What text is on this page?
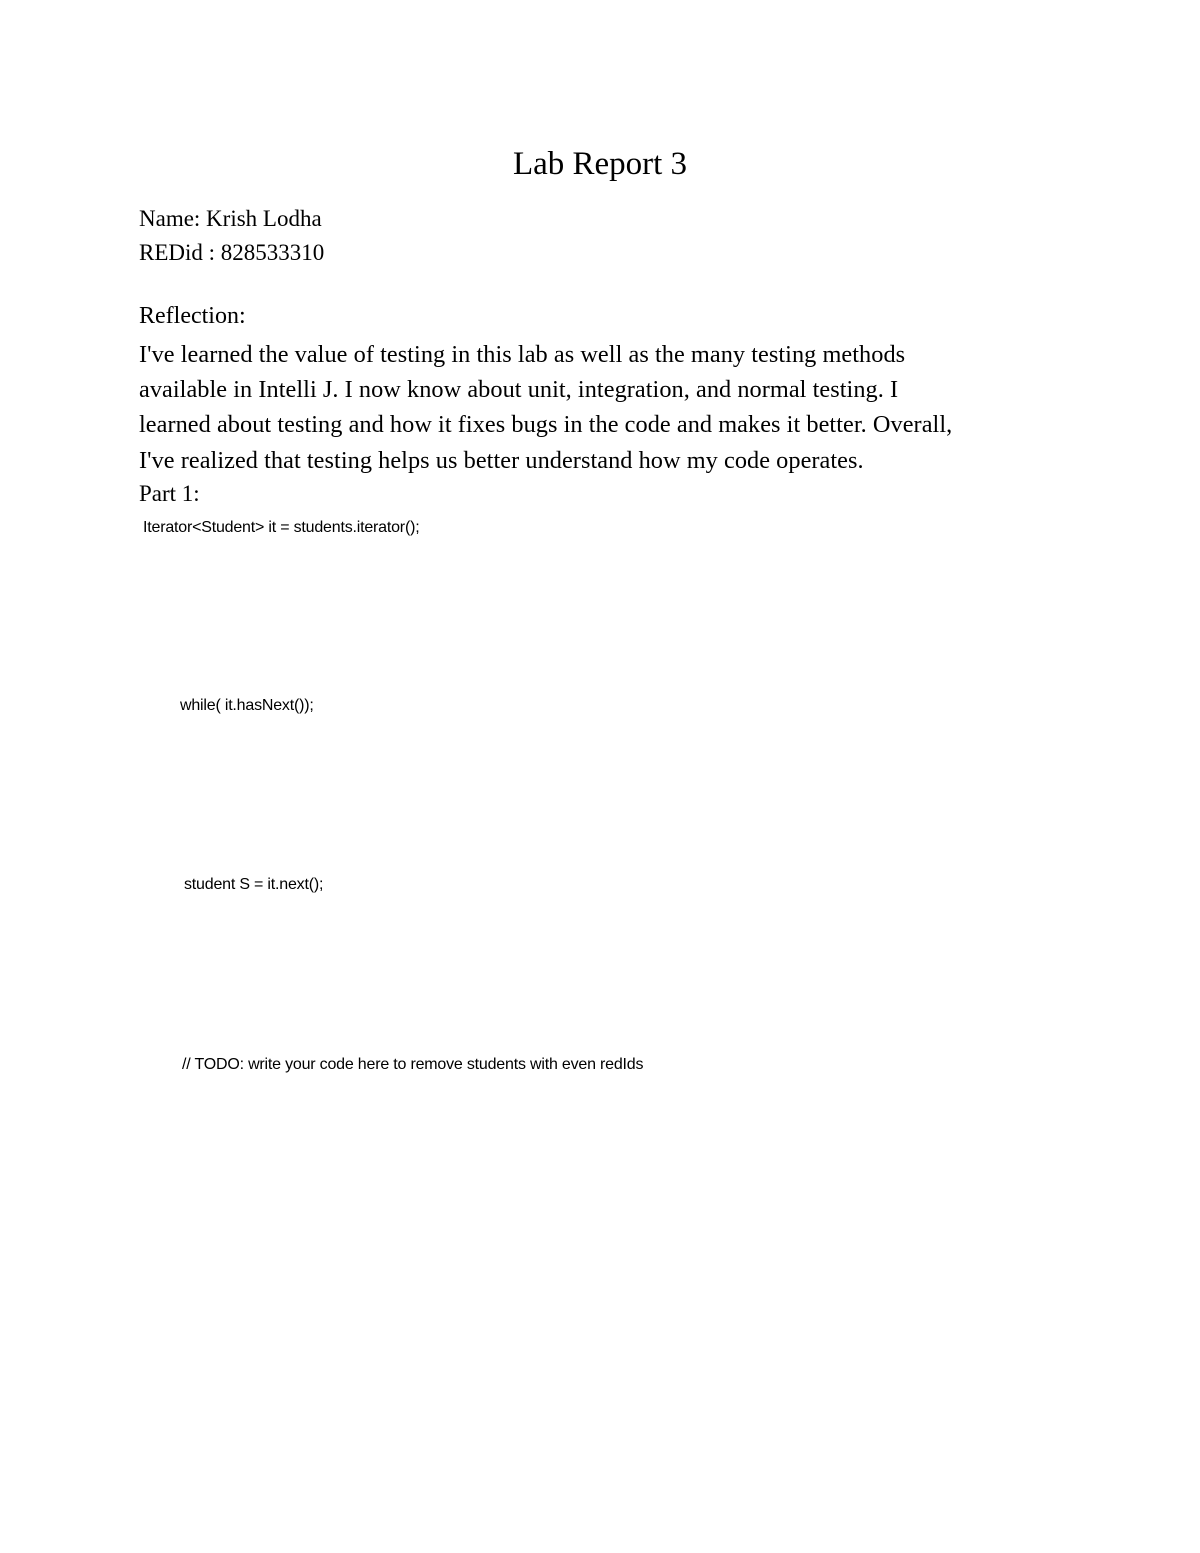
Lab Report 3
Name: Krish Lodha
REDid : 828533310
Reflection:
I've learned the value of testing in this lab as well as the many testing methods
available in Intelli J. I now know about unit, integration, and normal testing. I
learned about testing and how it fixes bugs in the code and makes it better. Overall,
I've realized that testing helps us better understand how my code operates.
Part 1:
Iterator<Student> it = students.iterator();
while( it.hasNext());
student S = it.next();
// TODO: write your code here to remove students with even redIds
